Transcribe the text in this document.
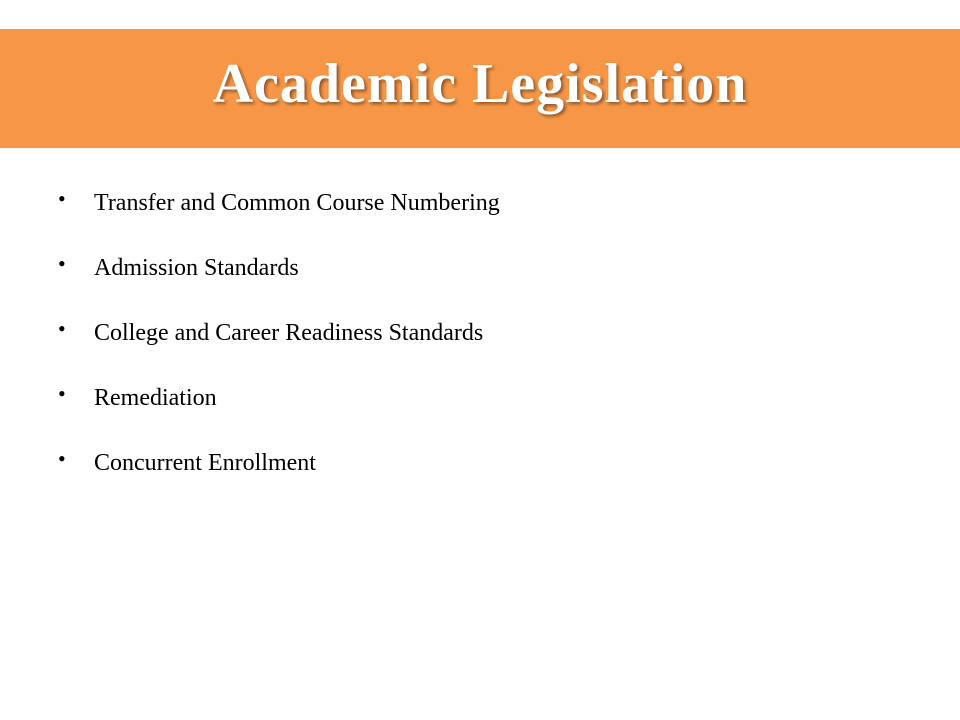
Academic Legislation
•	Transfer and Common Course Numbering
•	Admission Standards
•	College and Career Readiness Standards
•	Remediation
•	Concurrent Enrollment
